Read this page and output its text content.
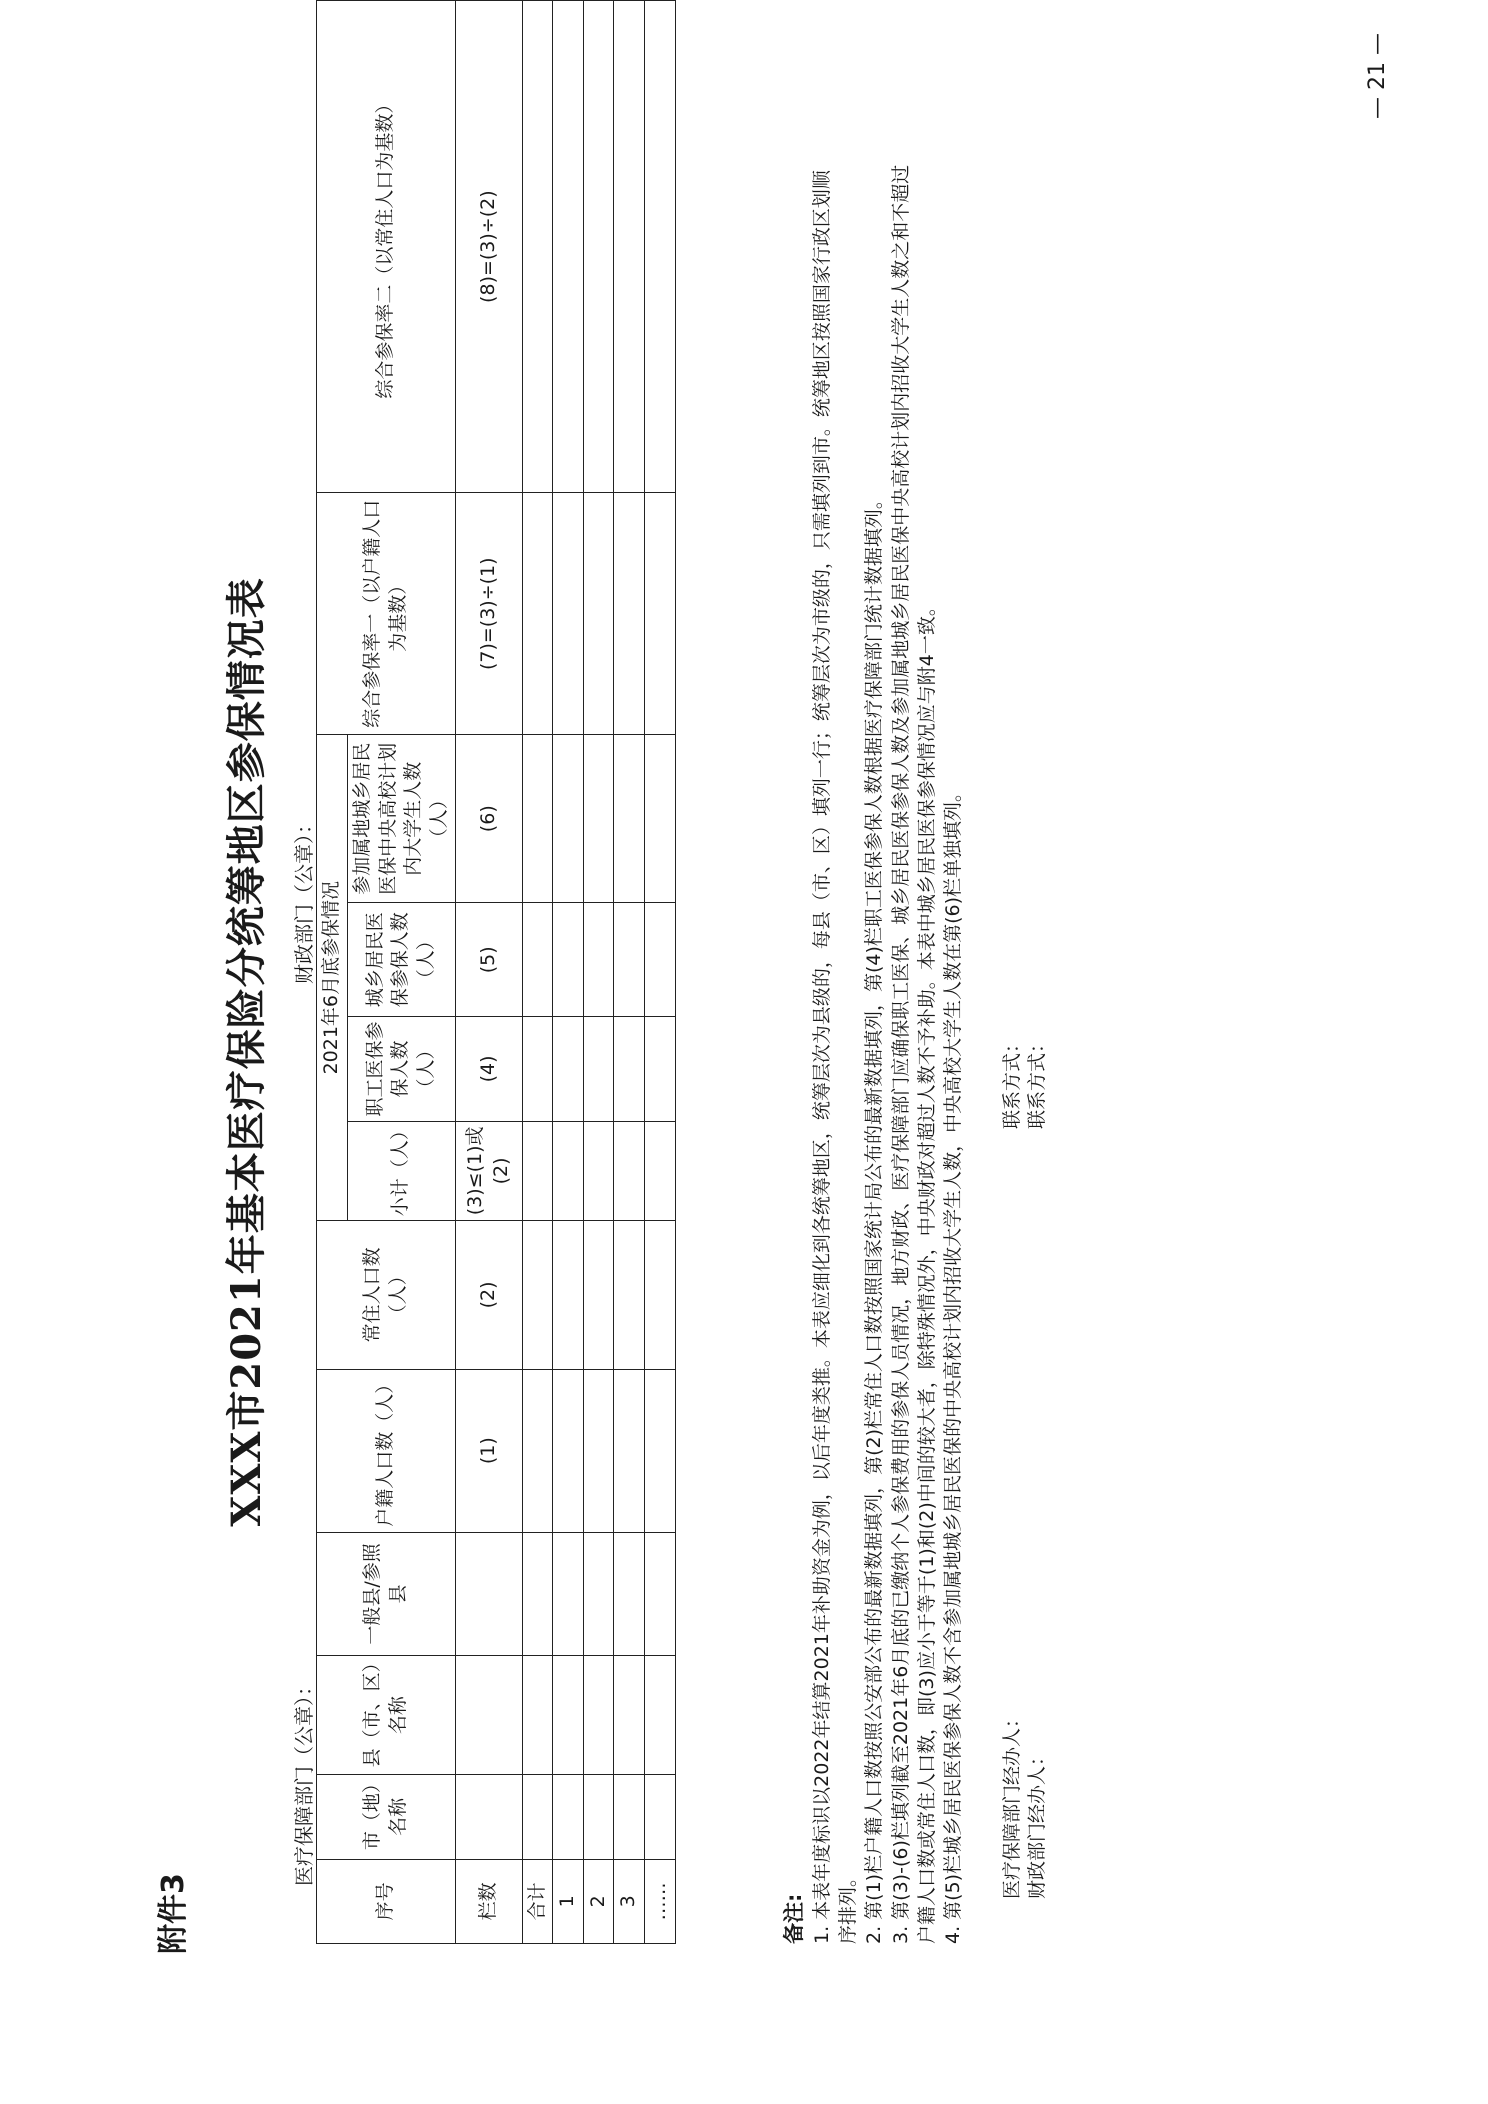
附件3
XXX市2021年基本医疗保险分统筹地区参保情况表
医疗保障部门（公章）：
财政部门（公章）：
序号	市（地）名称	县（市、区）名称	一般县/参照县	户籍人口数（人）	常住人口数（人）	2021年6月底参保情况				综合参保率一（以户籍人口为基数）	综合参保率二（以常住人口为基数）
						小计（人）	职工医保参保人数（人）	城乡居民医保参保人数（人）	参加属地城乡居民医保中央高校计划内大学生人数（人）		
栏数				(1)	(2)	(3)≤(1)或(2)	(4)	(5)	(6)	(7)=(3)÷(1)	(8)=(3)÷(2)
合计											
1											
2											
3											
……												备注: 1. 本表年度标识以2022年结算2021年补助资金为例，以后年度类推。本表应细化到各统筹地区，统筹层次为县级的，每县（市、区）填列一行；统筹层次为市级的，只需填列到市。统筹地区按照国家行政区划顺序排列。 2. 第(1)栏户籍人口数按照公安部公布的最新数据填列，第(2)栏常住人口数按照国家统计局公布的最新数据填列，第(4)栏职工医保参保人数根据医疗保障部门统计数据填列。 3. 第(3)-(6)栏填列截至2021年6月底的已缴纳个人参保费用的参保人员情况，地方财政、医疗保障部门应确保职工医保、城乡居民医保参保人数及参加属地城乡居民医保中央高校计划内招收大学生人数之和不超过户籍人口数或常住人口数，即(3)应小于等于(1)和(2)中间的较大者，除特殊情况外，中央财政对超过人数不予补助。本表中城乡居民医保参保情况应与附4一致。 4. 第(5)栏城乡居民医保参保人数不含参加属地城乡居民医保的中央高校计划内招收大学生人数，中央高校大学生人数在第(6)栏单独填列。 医疗保障部门经办人：
联系方式：
财政部门经办人：
联系方式：
— 21 —
